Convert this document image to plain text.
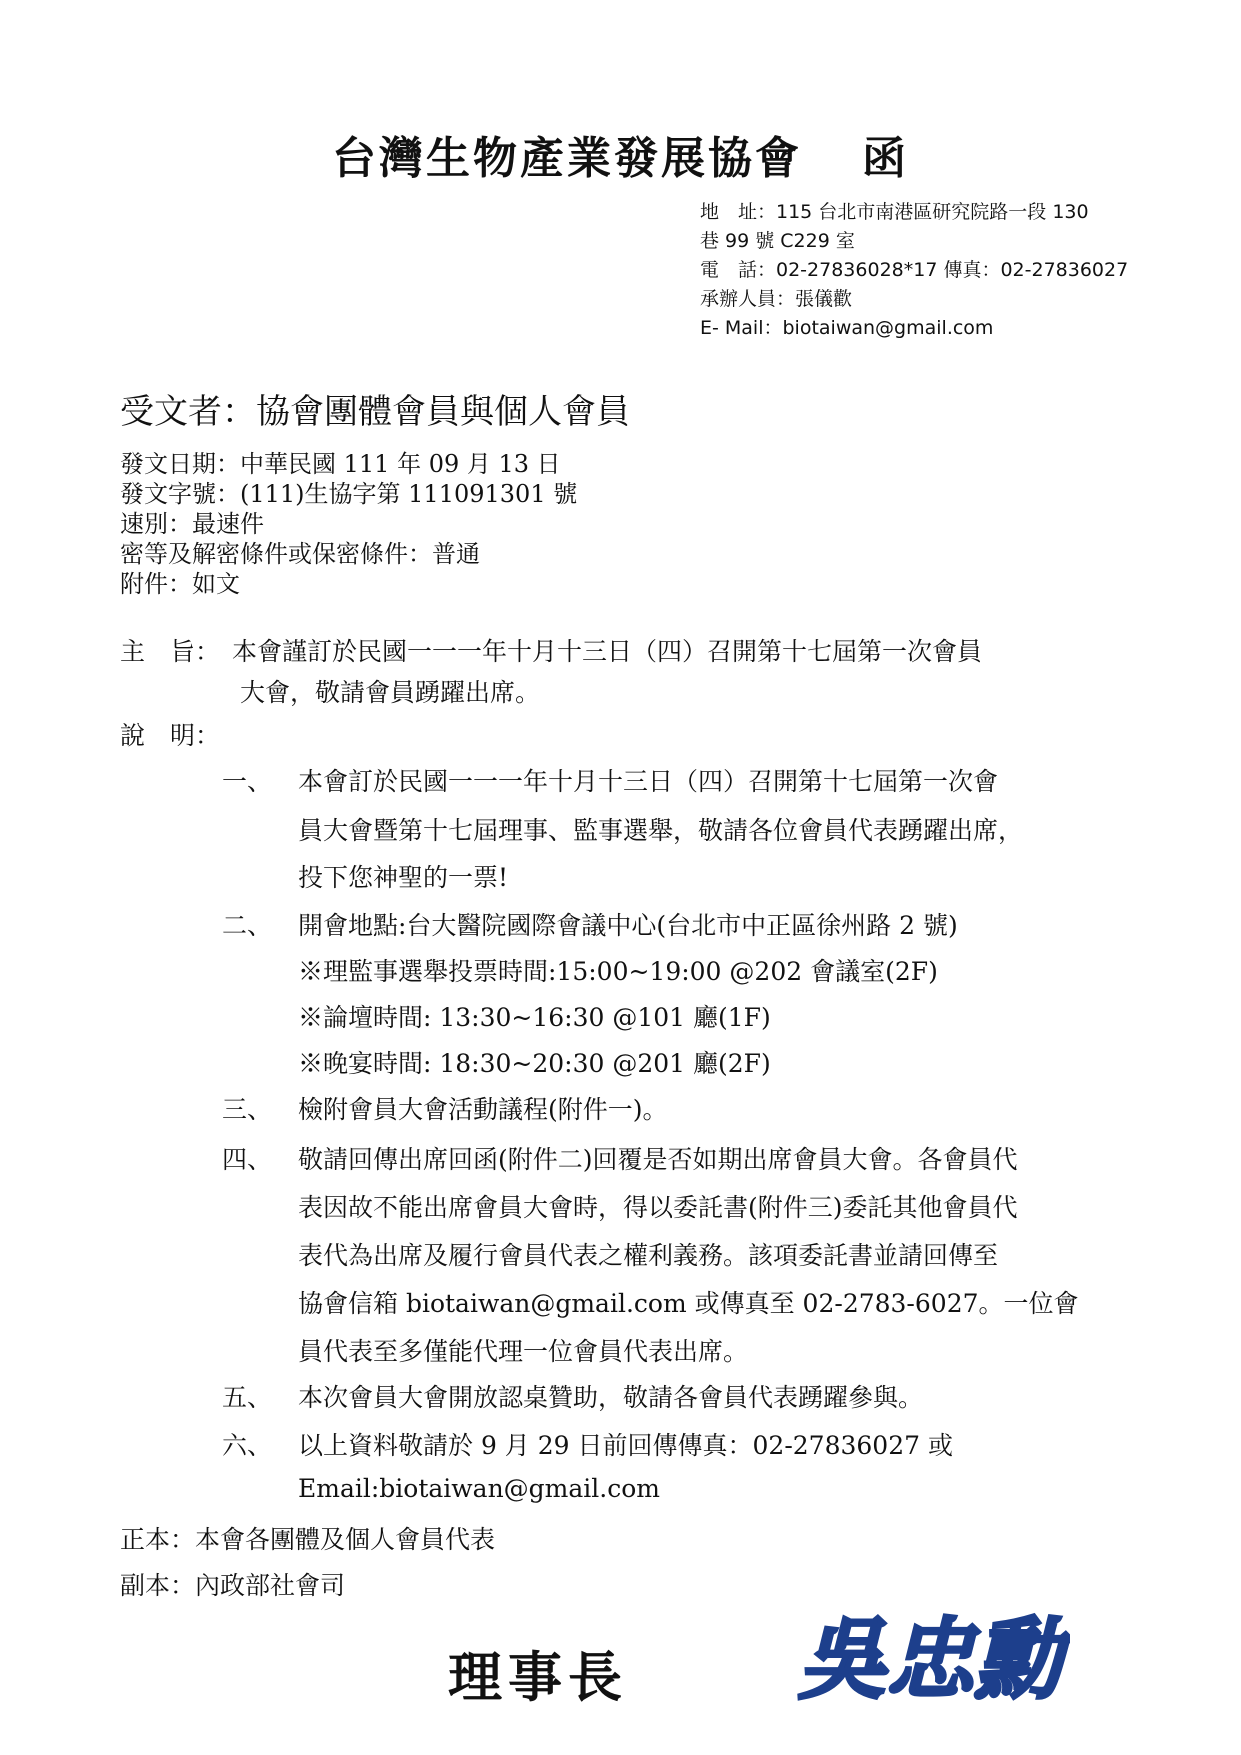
台灣生物產業發展協會 函
地　址：115 台北市南港區研究院路一段 130
巷 99 號 C229 室
電　話：02-27836028*17 傳真：02-27836027
承辦人員：張儀歡
E- Mail：biotaiwan@gmail.com
受文者：協會團體會員與個人會員
發文日期：中華民國 111 年 09 月 13 日
發文字號：(111)生協字第 111091301 號
速別：最速件
密等及解密條件或保密條件：普通
附件：如文
主　旨： 本會謹訂於民國一一一年十月十三日（四）召開第十七屆第一次會員
大會，敬請會員踴躍出席。
說　明：
一、 本會訂於民國一一一年十月十三日（四）召開第十七屆第一次會
員大會暨第十七屆理事、監事選舉，敬請各位會員代表踴躍出席，
投下您神聖的一票!
二、 開會地點:台大醫院國際會議中心(台北市中正區徐州路 2 號)
※理監事選舉投票時間:15:00~19:00 @202 會議室(2F)
※論壇時間: 13:30~16:30 @101 廳(1F)
※晚宴時間: 18:30~20:30 @201 廳(2F)
三、 檢附會員大會活動議程(附件一)。
四、 敬請回傳出席回函(附件二)回覆是否如期出席會員大會。各會員代
表因故不能出席會員大會時，得以委託書(附件三)委託其他會員代
表代為出席及履行會員代表之權利義務。該項委託書並請回傳至
協會信箱 biotaiwan@gmail.com 或傳真至 02-2783-6027。一位會
員代表至多僅能代理一位會員代表出席。
五、 本次會員大會開放認桌贊助，敬請各會員代表踴躍參與。
六、 以上資料敬請於 9 月 29 日前回傳傳真：02-27836027 或
Email:biotaiwan@gmail.com
正本：本會各團體及個人會員代表
副本：內政部社會司
理事長 吳忠勳
